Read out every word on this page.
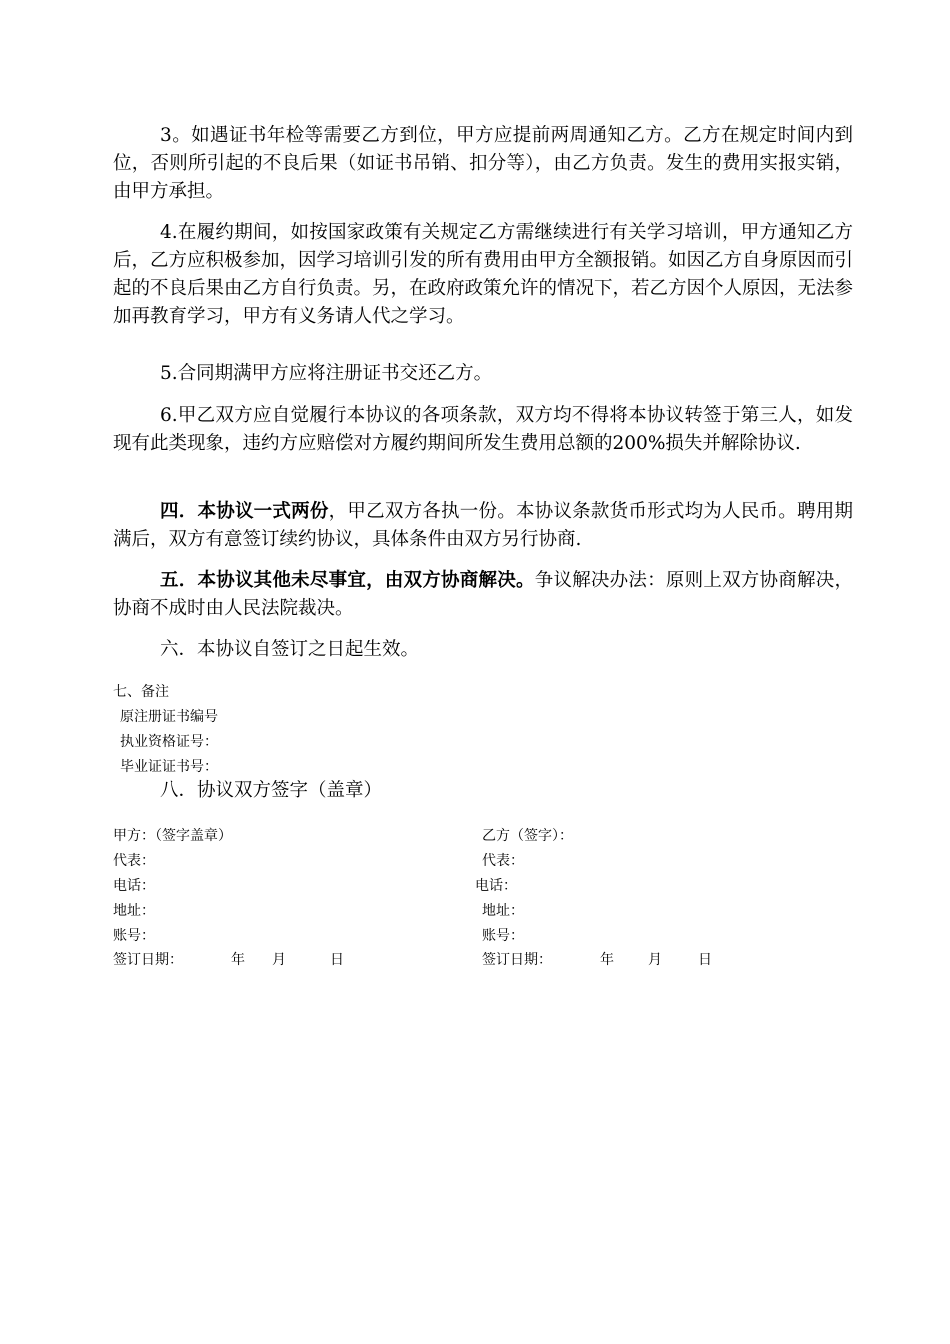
3。如遇证书年检等需要乙方到位，甲方应提前两周通知乙方。乙方在规定时间内到位，否则所引起的不良后果（如证书吊销、扣分等），由乙方负责。发生的费用实报实销，由甲方承担。

4.在履约期间，如按国家政策有关规定乙方需继续进行有关学习培训，甲方通知乙方后，乙方应积极参加，因学习培训引发的所有费用由甲方全额报销。如因乙方自身原因而引起的不良后果由乙方自行负责。另，在政府政策允许的情况下，若乙方因个人原因，无法参加再教育学习，甲方有义务请人代之学习。

5.合同期满甲方应将注册证书交还乙方。

6.甲乙双方应自觉履行本协议的各项条款，双方均不得将本协议转签于第三人，如发现有此类现象，违约方应赔偿对方履约期间所发生费用总额的200%损失并解除协议.

四．本协议一式两份，甲乙双方各执一份。本协议条款货币形式均为人民币。聘用期满后，双方有意签订续约协议，具体条件由双方另行协商.

五．本协议其他未尽事宜，由双方协商解决。争议解决办法：原则上双方协商解决，协商不成时由人民法院裁决。

六．本协议自签订之日起生效。

七、备注
原注册证书编号
执业资格证号：
毕业证证书号：
八．协议双方签字（盖章）
甲方：（签字盖章）
代表：
电话：
地址：
账号：
签订日期：	年 月	日
乙方（签字）：
代表：
电话：
地址：
账号：
签订日期：	年 月	日
